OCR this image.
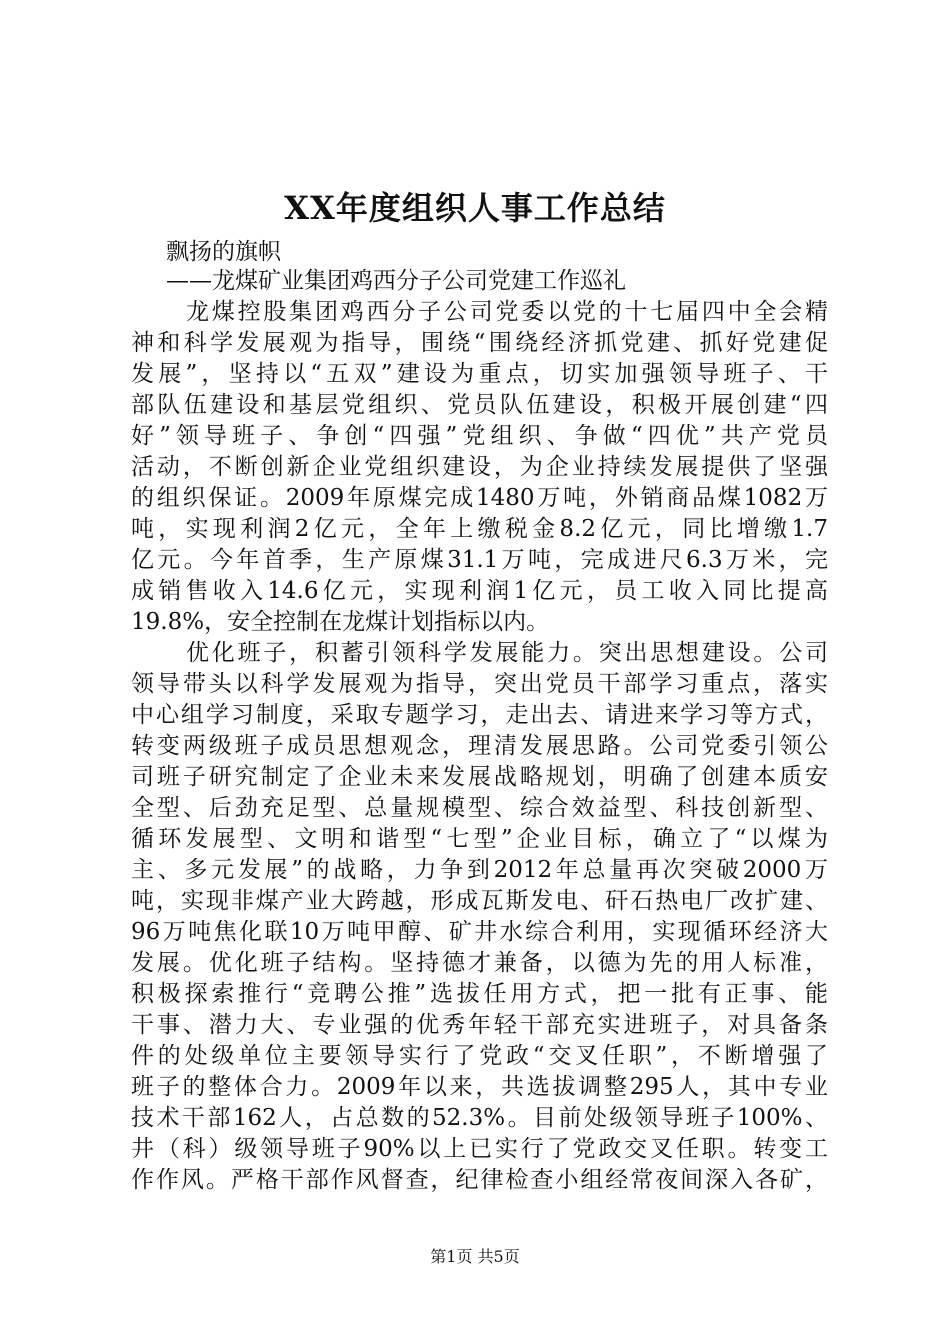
XX年度组织人事工作总结
飘扬的旗帜
——龙煤矿业集团鸡西分子公司党建工作巡礼
龙煤控股集团鸡西分子公司党委以党的十七届四中全会精
神和科学发展观为指导，围绕“围绕经济抓党建、抓好党建促
发展”，坚持以“五双”建设为重点，切实加强领导班子、干
部队伍建设和基层党组织、党员队伍建设，积极开展创建“四
好”领导班子、争创“四强”党组织、争做“四优”共产党员
活动，不断创新企业党组织建设，为企业持续发展提供了坚强
的组织保证。2009年原煤完成1480万吨，外销商品煤1082万
吨，实现利润2亿元，全年上缴税金8.2亿元，同比增缴1.7
亿元。今年首季，生产原煤31.1万吨，完成进尺6.3万米，完
成销售收入14.6亿元，实现利润1亿元，员工收入同比提高
19.8%，安全控制在龙煤计划指标以内。
优化班子，积蓄引领科学发展能力。突出思想建设。公司
领导带头以科学发展观为指导，突出党员干部学习重点，落实
中心组学习制度，采取专题学习，走出去、请进来学习等方式，
转变两级班子成员思想观念，理清发展思路。公司党委引领公
司班子研究制定了企业未来发展战略规划，明确了创建本质安
全型、后劲充足型、总量规模型、综合效益型、科技创新型、
循环发展型、文明和谐型“七型”企业目标，确立了“以煤为
主、多元发展”的战略，力争到2012年总量再次突破2000万
吨，实现非煤产业大跨越，形成瓦斯发电、矸石热电厂改扩建、
96万吨焦化联10万吨甲醇、矿井水综合利用，实现循环经济大
发展。优化班子结构。坚持德才兼备，以德为先的用人标准，
积极探索推行“竞聘公推”选拔任用方式，把一批有正事、能
干事、潜力大、专业强的优秀年轻干部充实进班子，对具备条
件的处级单位主要领导实行了党政“交叉任职”，不断增强了
班子的整体合力。2009年以来，共选拔调整295人，其中专业
技术干部162人，占总数的52.3%。目前处级领导班子100%、
井（科）级领导班子90%以上已实行了党政交叉任职。转变工
作作风。严格干部作风督查，纪律检查小组经常夜间深入各矿，
第1页 共5页
